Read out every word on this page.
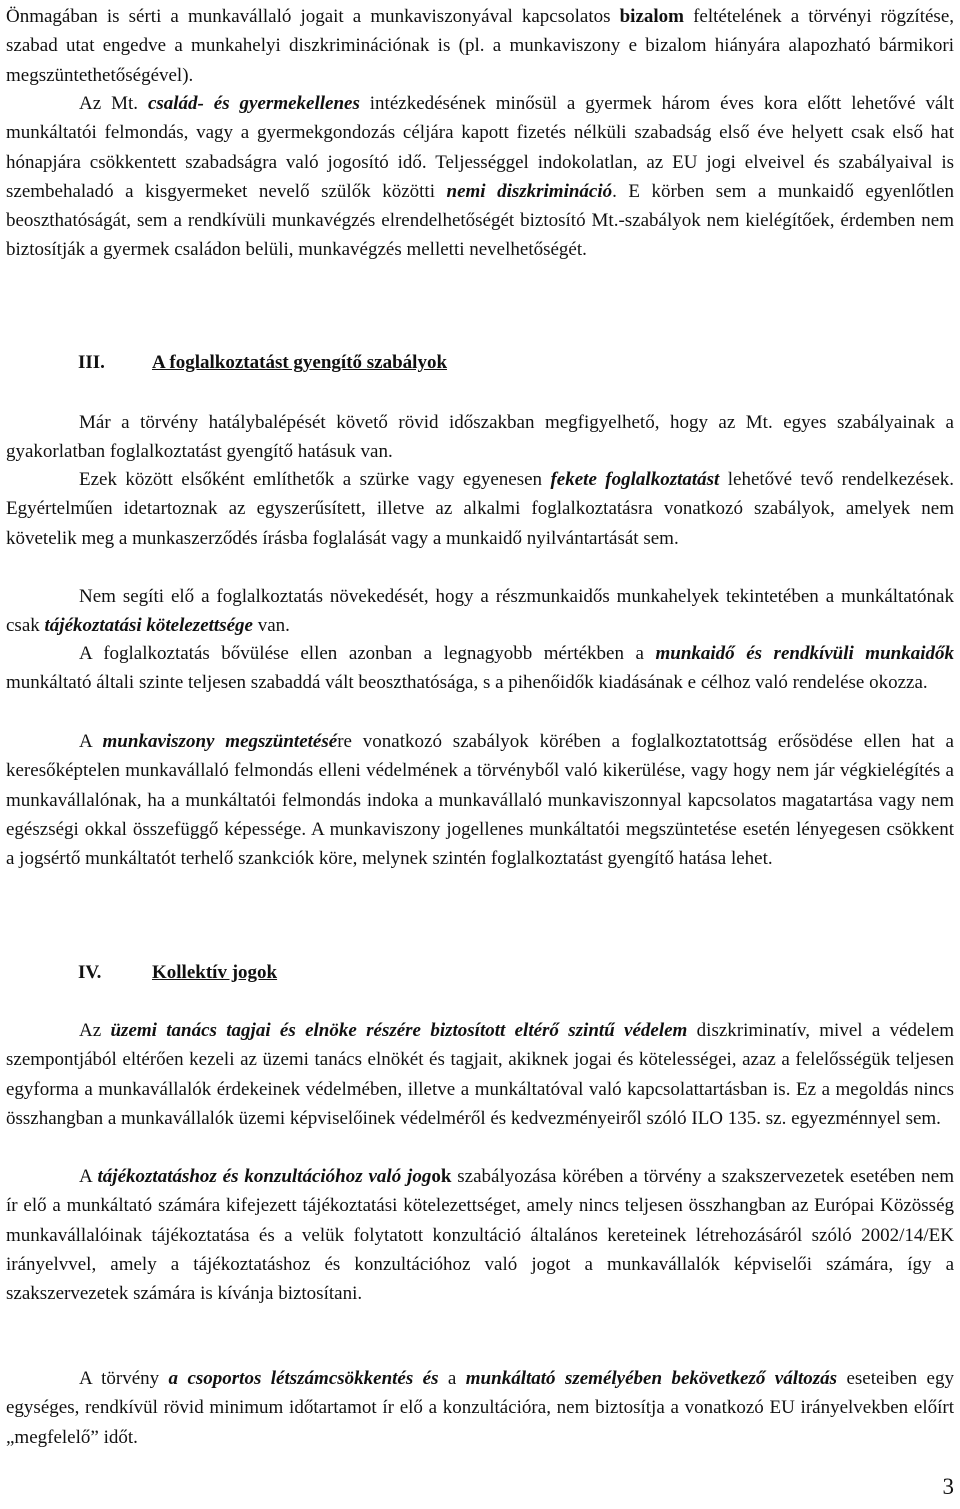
Önmagában is sérti a munkavállaló jogait a munkaviszonyával kapcsolatos bizalom feltételének a törvényi rögzítése, szabad utat engedve a munkahelyi diszkriminációnak is (pl. a munkaviszony e bizalom hiányára alapozható bármikori megszüntethetőségével).

Az Mt. család- és gyermekellenes intézkedésének minősül a gyermek három éves kora előtt lehetővé vált munkáltatói felmondás, vagy a gyermekgondozás céljára kapott fizetés nélküli szabadság első éve helyett csak első hat hónapjára csökkentett szabadságra való jogosító idő. Teljességgel indokolatlan, az EU jogi elveivel és szabályaival is szembehaladó a kisgyermeket nevelő szülők közötti nemi diszkrimináció. E körben sem a munkaidő egyenlőtlen beoszthatóságát, sem a rendkívüli munkavégzés elrendelhetőségét biztosító Mt.-szabályok nem kielégítőek, érdemben nem biztosítják a gyermek családon belüli, munkavégzés melletti nevelhetőségét.

III. A foglalkoztatást gyengítő szabályok

Már a törvény hatálybalépését követő rövid időszakban megfigyelhető, hogy az Mt. egyes szabályainak a gyakorlatban foglalkoztatást gyengítő hatásuk van.

Ezek között elsőként említhetők a szürke vagy egyenesen fekete foglalkoztatást lehetővé tevő rendelkezések. Egyértelműen idetartoznak az egyszerűsített, illetve az alkalmi foglalkoztatásra vonatkozó szabályok, amelyek nem követelik meg a munkaszerződés írásba foglalását vagy a munkaidő nyilvántartását sem.

Nem segíti elő a foglalkoztatás növekedését, hogy a részmunkaidős munkahelyek tekintetében a munkáltatónak csak tájékoztatási kötelezettsége van.

A foglalkoztatás bővülése ellen azonban a legnagyobb mértékben a munkaidő és rendkívüli munkaidők munkáltató általi szinte teljesen szabaddá vált beoszthatósága, s a pihenőidők kiadásának e célhoz való rendelése okozza.

A munkaviszony megszüntetésére vonatkozó szabályok körében a foglalkoztatottság erősödése ellen hat a keresőképtelen munkavállaló felmondás elleni védelmének a törvényből való kikerülése, vagy hogy nem jár végkielégítés a munkavállalónak, ha a munkáltatói felmondás indoka a munkavállaló munkaviszonnyal kapcsolatos magatartása vagy nem egészségi okkal összefüggő képessége. A munkaviszony jogellenes munkáltatói megszüntetése esetén lényegesen csökkent a jogsértő munkáltatót terhelő szankciók köre, melynek szintén foglalkoztatást gyengítő hatása lehet.

IV.	Kollektív jogok

Az üzemi tanács tagjai és elnöke részére biztosított eltérő szintű védelem diszkriminatív, mivel a védelem szempontjából eltérően kezeli az üzemi tanács elnökét és tagjait, akiknek jogai és kötelességei, azaz a felelősségük teljesen egyforma a munkavállalók érdekeinek védelmében, illetve a munkáltatóval való kapcsolattartásban is. Ez a megoldás nincs összhangban a munkavállalók üzemi képviselőinek védelméről és kedvezményeiről szóló ILO 135. sz. egyezménnyel sem.

A tájékoztatáshoz és konzultációhoz való jogok szabályozása körében a törvény a szakszervezetek esetében nem ír elő a munkáltató számára kifejezett tájékoztatási kötelezettséget, amely nincs teljesen összhangban az Európai Közösség munkavállalóinak tájékoztatása és a velük folytatott konzultáció általános kereteinek létrehozásáról szóló 2002/14/EK irányelvvel, amely a tájékoztatáshoz és konzultációhoz való jogot a munkavállalók képviselői számára, így a szakszervezetek számára is kívánja biztosítani.

A törvény a csoportos létszámcsökkentés és a munkáltató személyében bekövetkező változás eseteiben egy egységes, rendkívül rövid minimum időtartamot ír elő a konzultációra, nem biztosítja a vonatkozó EU irányelvekben előírt „megfelelő” időt.

3
